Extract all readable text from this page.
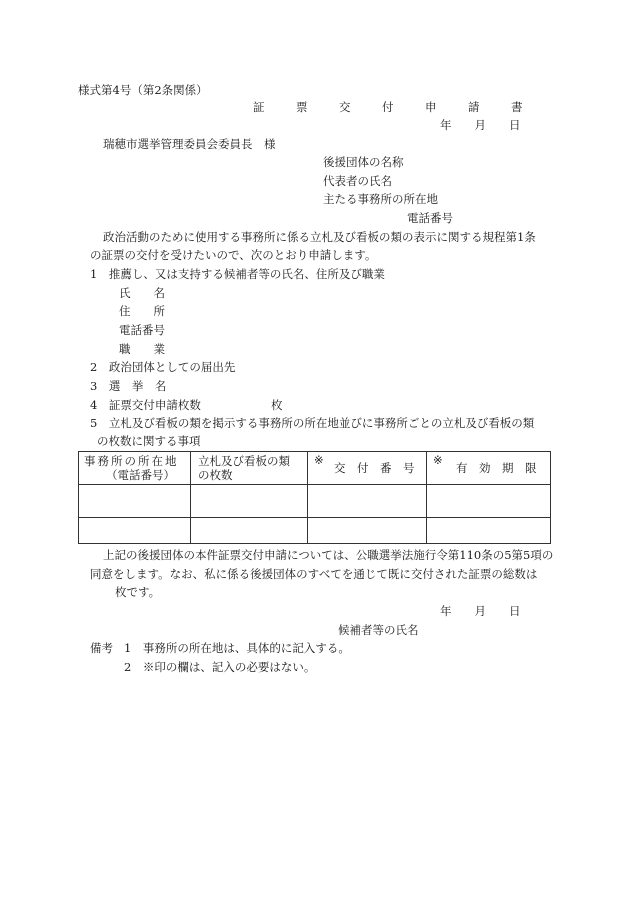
様式第4号（第2条関係）
証　票　交　付　申　請　書
年　　月　　日
瑞穂市選挙管理委員会委員長　様
後援団体の名称
代表者の氏名
主たる事務所の所在地
電話番号
政治活動のために使用する事務所に係る立札及び看板の類の表示に関する規程第1条
の証票の交付を受けたいので、次のとおり申請します。
1　推薦し、又は支持する候補者等の氏名、住所及び職業
氏　　名
住　　所
電話番号
職　　業
2　政治団体としての届出先
3　選　挙　名
4　証票交付申請枚数	枚
5　立札及び看板の類を掲示する事務所の所在地並びに事務所ごとの立札及び看板の類
の枚数に関する事項
事務所の所在地
（電話番号）
立札及び看板の類
の枚数
※
交　付　番　号
※
有　効　期　限
上記の後援団体の本件証票交付申請については、公職選挙法施行令第110条の5第5項の
同意をします。なお、私に係る後援団体のすべてを通じて既に交付された証票の総数は
枚です。
年　　月　　日
候補者等の氏名
備考 1　事務所の所在地は、具体的に記入する。
2　※印の欄は、記入の必要はない。
